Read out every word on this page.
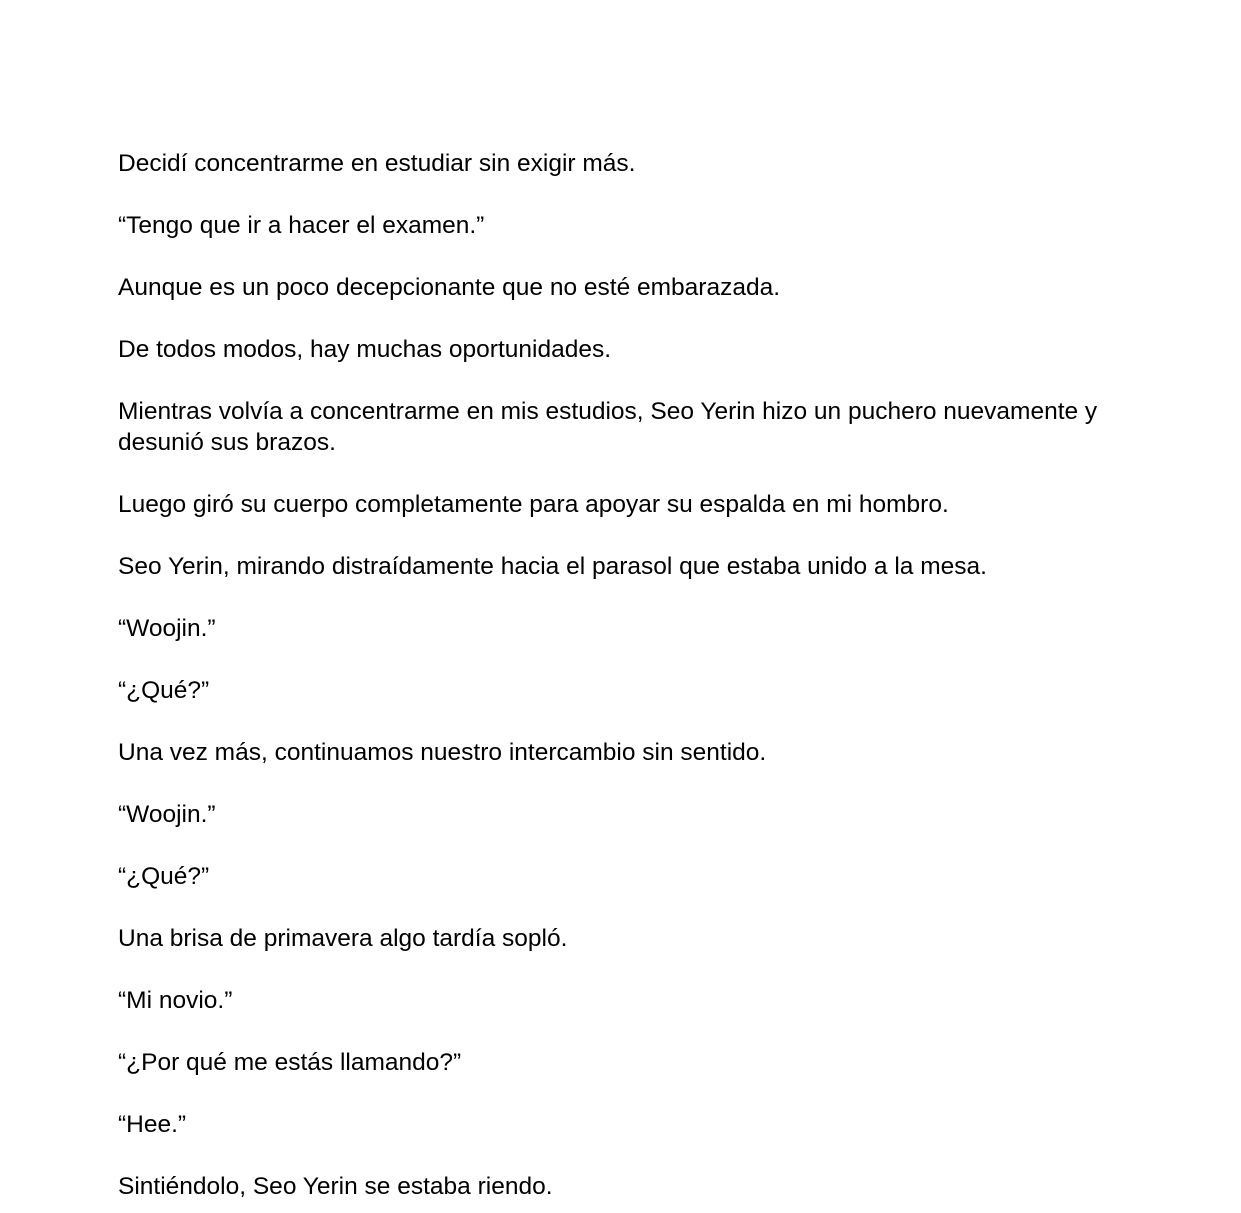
Decidí concentrarme en estudiar sin exigir más.

“Tengo que ir a hacer el examen.”

Aunque es un poco decepcionante que no esté embarazada.

De todos modos, hay muchas oportunidades.

Mientras volvía a concentrarme en mis estudios, Seo Yerin hizo un puchero nuevamente y desunió sus brazos.

Luego giró su cuerpo completamente para apoyar su espalda en mi hombro.

Seo Yerin, mirando distraídamente hacia el parasol que estaba unido a la mesa.

“Woojin.”

“¿Qué?”

Una vez más, continuamos nuestro intercambio sin sentido.

“Woojin.”

“¿Qué?”

Una brisa de primavera algo tardía sopló.

“Mi novio.”

“¿Por qué me estás llamando?”

“Hee.”

Sintiéndolo, Seo Yerin se estaba riendo.
